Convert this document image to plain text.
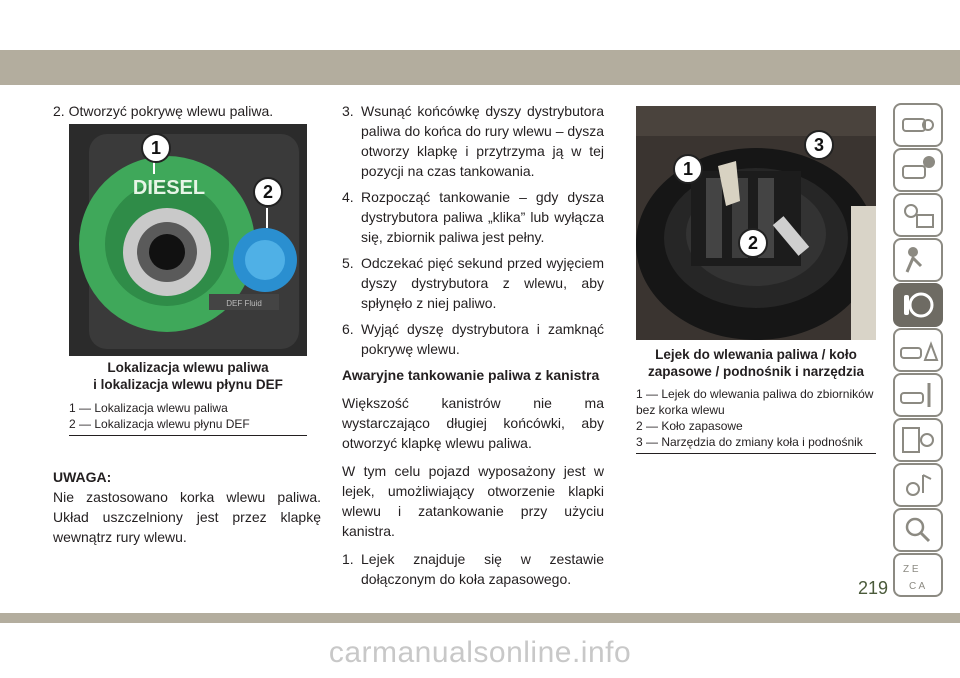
2. Otworzyć pokrywę wlewu paliwa.

DIESEL
DEF Fluid
1
2
Lokalizacja wlewu paliwa
i lokalizacja wlewu płynu DEF
1 — Lokalizacja wlewu paliwa
2 — Lokalizacja wlewu płynu DEF

UWAGA:

Nie zastosowano korka wlewu paliwa. Układ uszczelniony jest przez klapkę wewnątrz rury wlewu.

3. Wsunąć końcówkę dyszy dystrybutora paliwa do końca do rury wlewu – dysza otworzy klapkę i przytrzyma ją w tej pozycji na czas tankowania.
4. Rozpocząć tankowanie – gdy dysza dystrybutora paliwa „klika” lub wyłącza się, zbiornik paliwa jest pełny.
5. Odczekać pięć sekund przed wyjęciem dyszy dystrybutora z wlewu, aby spłynęło z niej paliwo.
6. Wyjąć dyszę dystrybutora i zamknąć pokrywę wlewu.

Awaryjne tankowanie paliwa z kanistra

Większość kanistrów nie ma wystarczająco długiej końcówki, aby otworzyć klapkę wlewu paliwa.

W tym celu pojazd wyposażony jest w lejek, umożliwiający otworzenie klapki wlewu i zatankowanie przy użyciu kanistra.

1. Lejek znajduje się w zestawie dołączonym do koła zapasowego.
1
2
3
Lejek do wlewania paliwa / koło
zapasowe / podnośnik i narzędzia
1 — Lejek do wlewania paliwa do zbiorników bez korka wlewu
2 — Koło zapasowe
3 — Narzędzia do zmiany koła i podnośnik
Z E
C A
219
carmanualsonline.info
